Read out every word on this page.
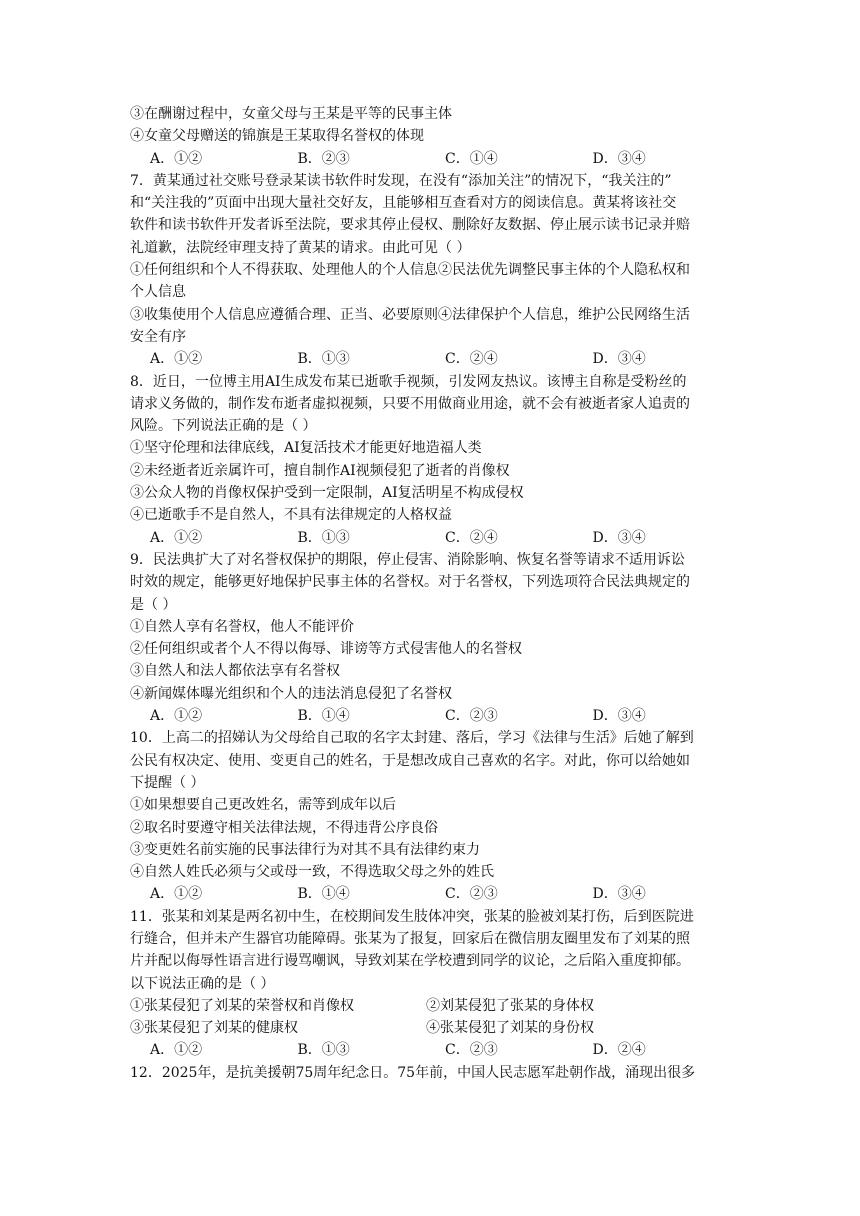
③在酬谢过程中，女童父母与王某是平等的民事主体
④女童父母赠送的锦旗是王某取得名誉权的体现
A．①②	B．②③	C．①④	D．③④
7．黄某通过社交账号登录某读书软件时发现，在没有“添加关注”的情况下，“我关注的”
和“关注我的”页面中出现大量社交好友，且能够相互查看对方的阅读信息。黄某将该社交
软件和读书软件开发者诉至法院，要求其停止侵权、删除好友数据、停止展示读书记录并赔
礼道歉，法院经审理支持了黄某的请求。由此可见（ ）
①任何组织和个人不得获取、处理他人的个人信息②民法优先调整民事主体的个人隐私权和
个人信息
③收集使用个人信息应遵循合理、正当、必要原则④法律保护个人信息，维护公民网络生活
安全有序
A．①②	B．①③	C．②④	D．③④
8．近日，一位博主用AI生成发布某已逝歌手视频，引发网友热议。该博主自称是受粉丝的
请求义务做的，制作发布逝者虚拟视频，只要不用做商业用途，就不会有被逝者家人追责的
风险。下列说法正确的是（ ）
①坚守伦理和法律底线，AI复活技术才能更好地造福人类
②未经逝者近亲属许可，擅自制作AI视频侵犯了逝者的肖像权
③公众人物的肖像权保护受到一定限制，AI复活明星不构成侵权
④已逝歌手不是自然人，不具有法律规定的人格权益
A．①②	B．①③	C．②④	D．③④
9．民法典扩大了对名誉权保护的期限，停止侵害、消除影响、恢复名誉等请求不适用诉讼
时效的规定，能够更好地保护民事主体的名誉权。对于名誉权，下列选项符合民法典规定的
是（ ）
①自然人享有名誉权，他人不能评价
②任何组织或者个人不得以侮辱、诽谤等方式侵害他人的名誉权
③自然人和法人都依法享有名誉权
④新闻媒体曝光组织和个人的违法消息侵犯了名誉权
A．①②	B．①④	C．②③	D．③④
10．上高二的招娣认为父母给自己取的名字太封建、落后，学习《法律与生活》后她了解到
公民有权决定、使用、变更自己的姓名，于是想改成自己喜欢的名字。对此，你可以给她如
下提醒（ ）
①如果想要自己更改姓名，需等到成年以后
②取名时要遵守相关法律法规，不得违背公序良俗
③变更姓名前实施的民事法律行为对其不具有法律约束力
④自然人姓氏必须与父或母一致，不得选取父母之外的姓氏
A．①②	B．①④	C．②③	D．③④
11．张某和刘某是两名初中生，在校期间发生肢体冲突，张某的脸被刘某打伤，后到医院进
行缝合，但并未产生器官功能障碍。张某为了报复，回家后在微信朋友圈里发布了刘某的照
片并配以侮辱性语言进行谩骂嘲讽，导致刘某在学校遭到同学的议论，之后陷入重度抑郁。
以下说法正确的是（ ）
①张某侵犯了刘某的荣誉权和肖像权	②刘某侵犯了张某的身体权
③张某侵犯了刘某的健康权	④张某侵犯了刘某的身份权
A．①②	B．①③	C．②③	D．②④
12．2025年，是抗美援朝75周年纪念日。75年前，中国人民志愿军赴朝作战，涌现出很多
